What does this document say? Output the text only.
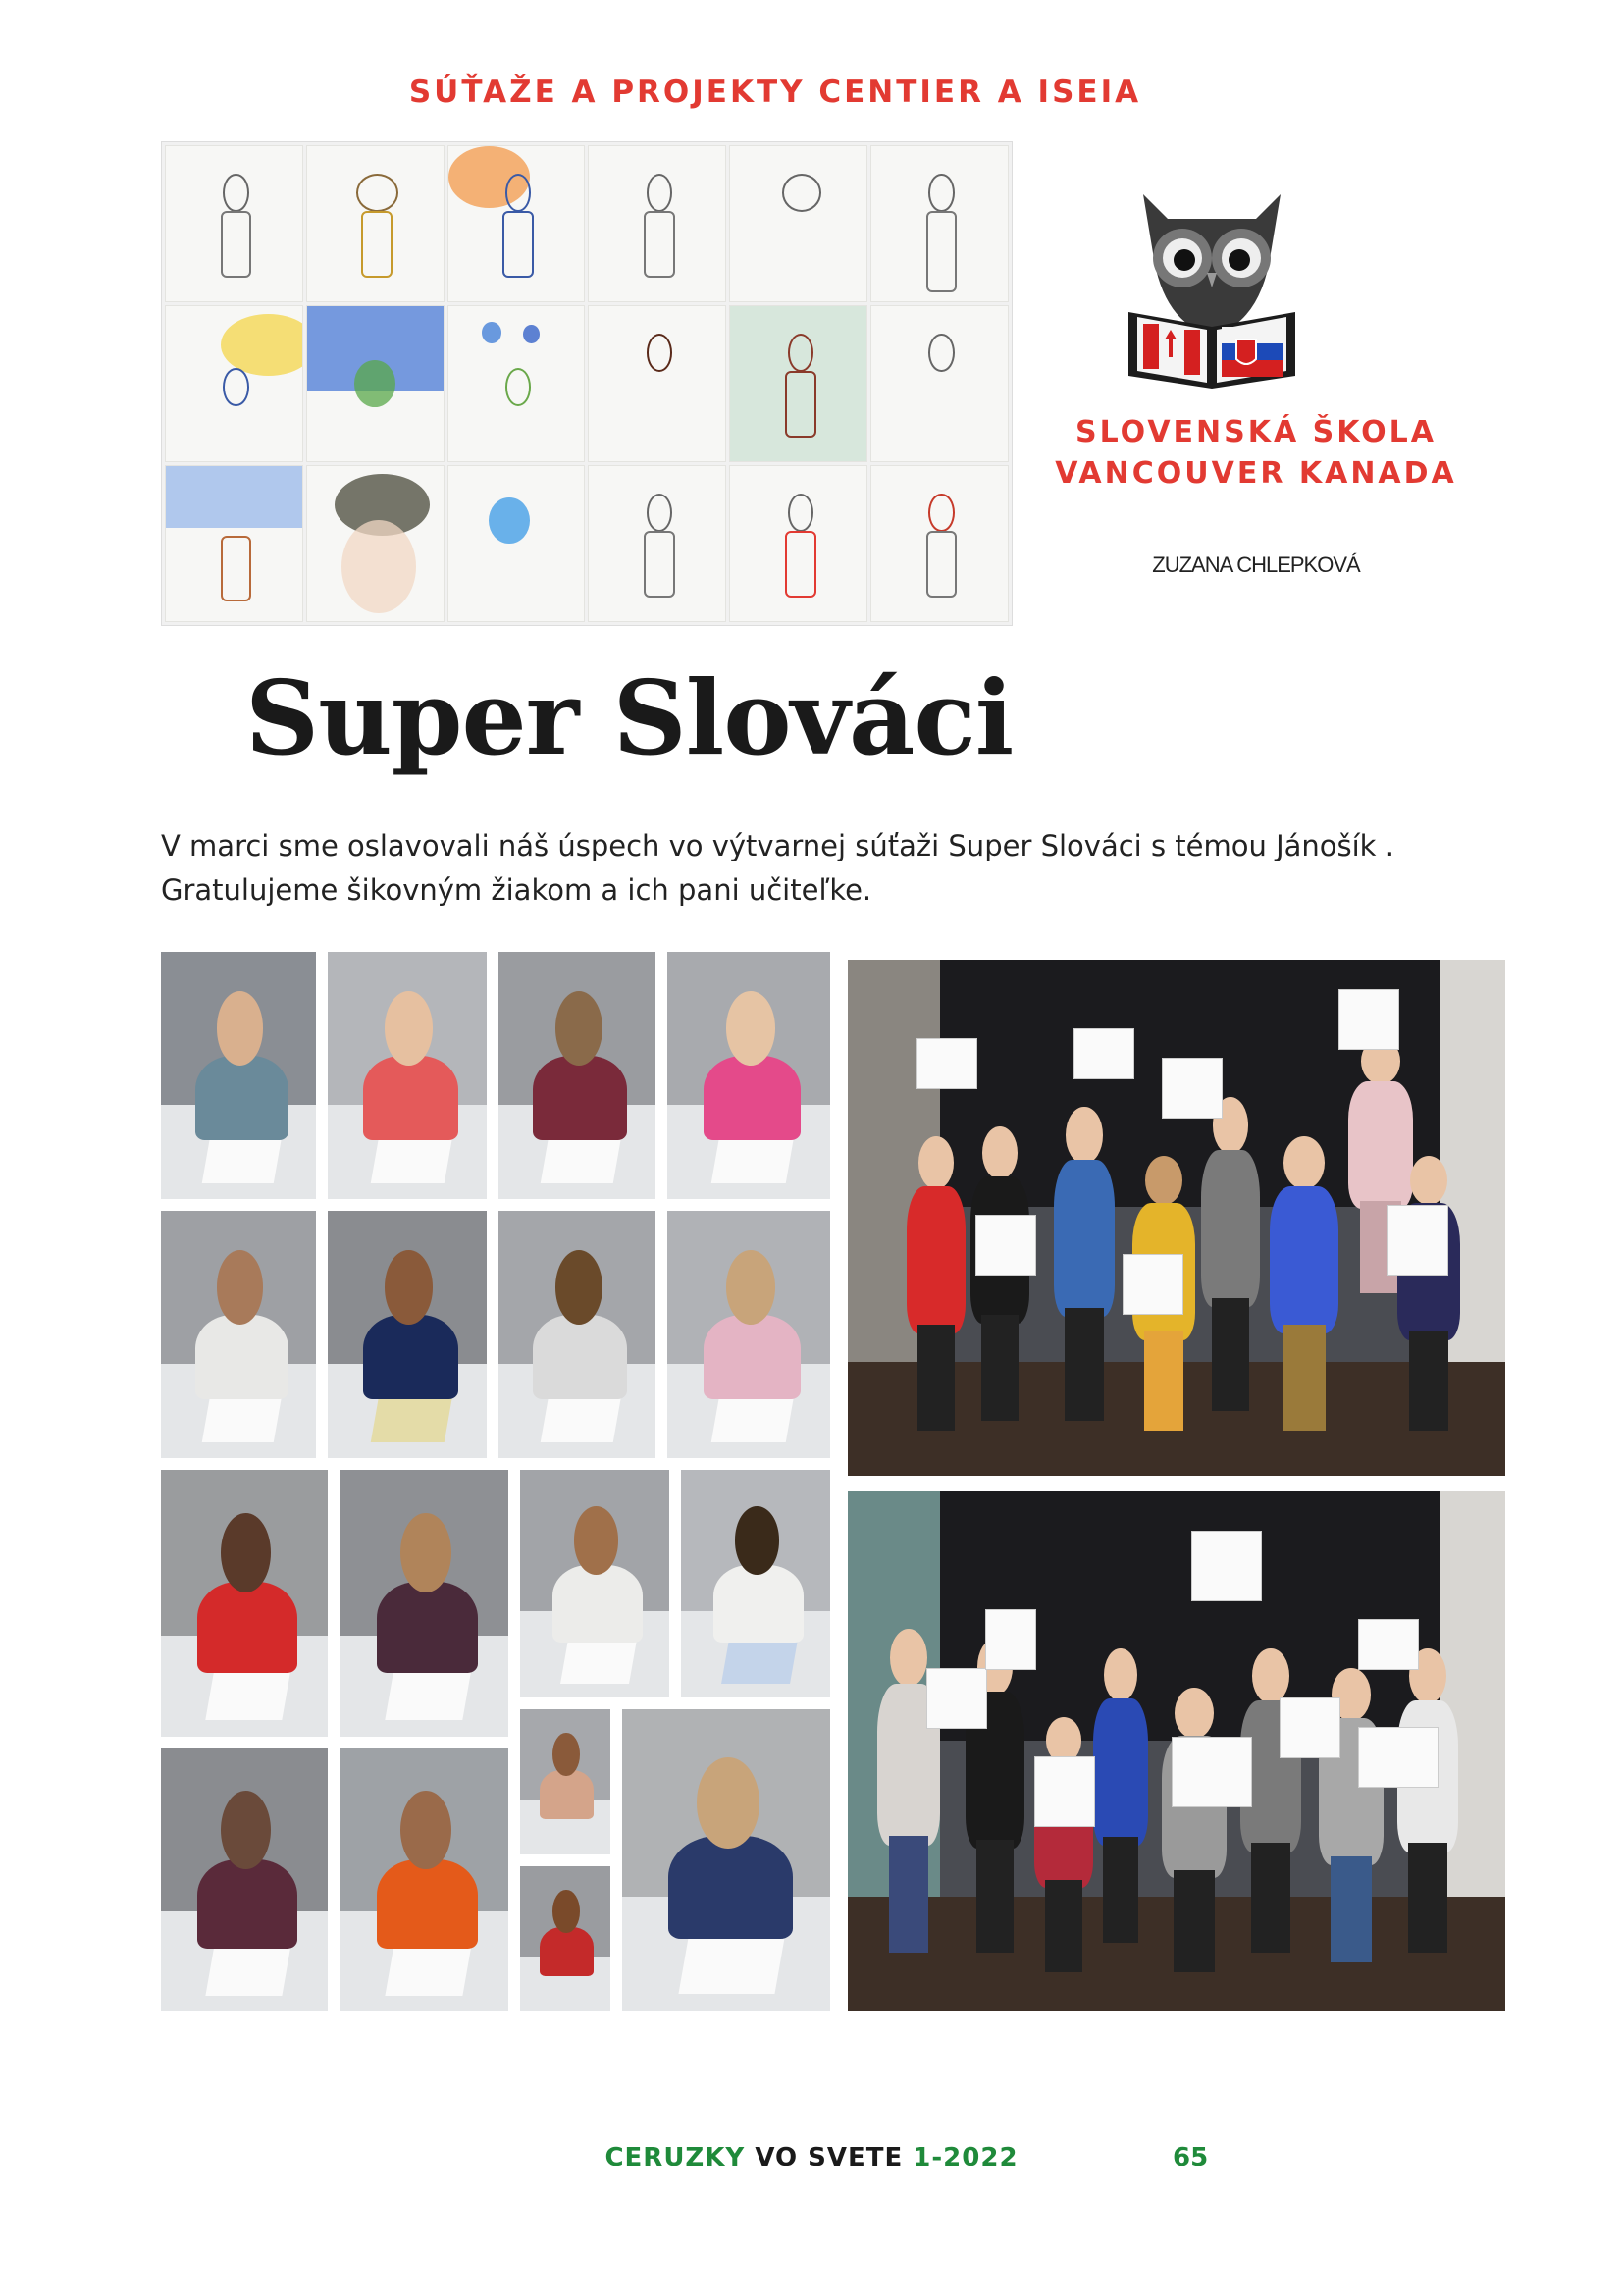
SÚŤAŽE A PROJEKTY CENTIER A ISEIA
SLOVENSKÁ ŠKOLA
VANCOUVER KANADA
ZUZANA CHLEPKOVÁ
Super Slováci
V marci sme oslavovali náš úspech vo výtvarnej súťaži Super Slováci s témou Jánošík .
Gratulujeme šikovným žiakom a ich pani učiteľke.
CERUZKY VO SVETE 1-2022	65
